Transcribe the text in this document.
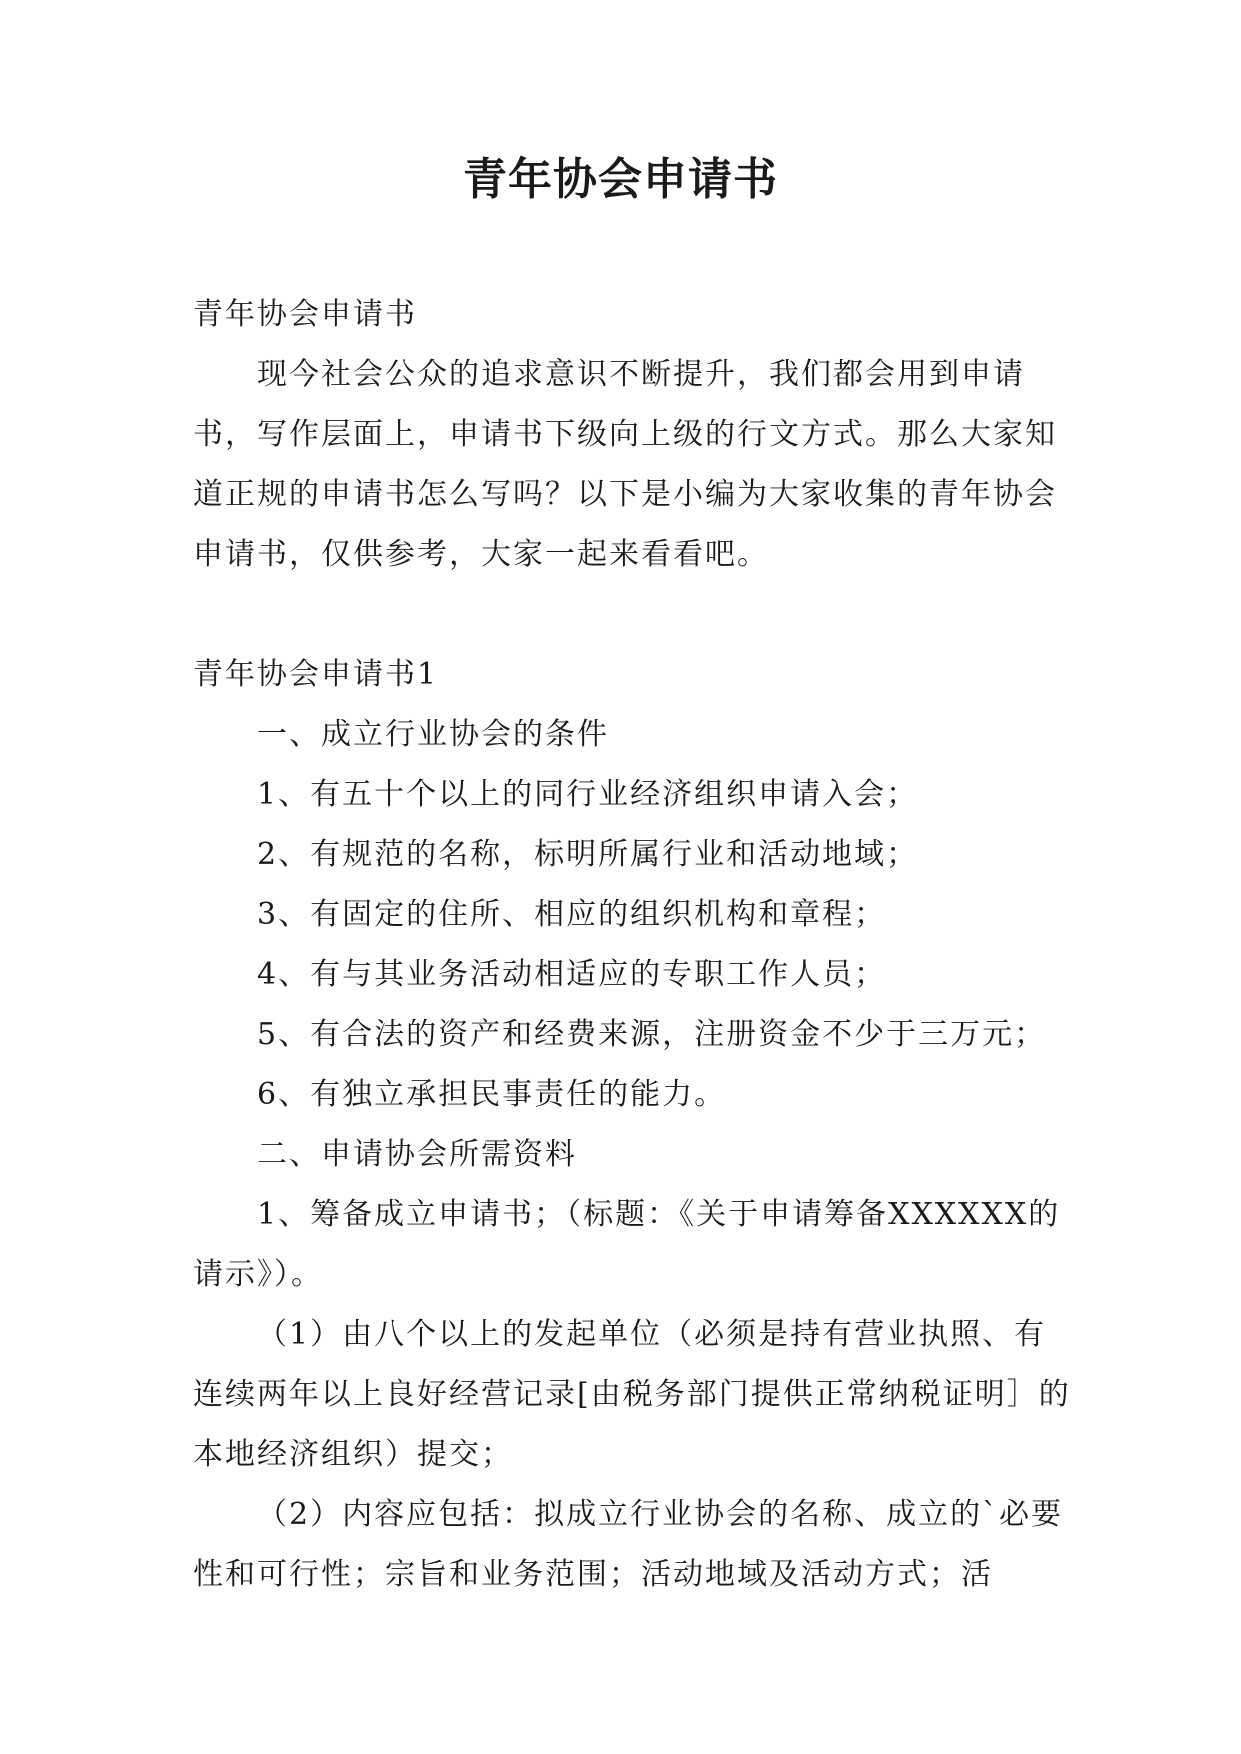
青年协会申请书

青年协会申请书

现今社会公众的追求意识不断提升，我们都会用到申请书，写作层面上，申请书下级向上级的行文方式。那么大家知道正规的申请书怎么写吗？以下是小编为大家收集的青年协会申请书，仅供参考，大家一起来看看吧。

青年协会申请书1

一、成立行业协会的条件

1、有五十个以上的同行业经济组织申请入会；

2、有规范的名称，标明所属行业和活动地域；

3、有固定的住所、相应的组织机构和章程；

4、有与其业务活动相适应的专职工作人员；

5、有合法的资产和经费来源，注册资金不少于三万元；

6、有独立承担民事责任的能力。

二、申请协会所需资料

1、筹备成立申请书；（标题：《关于申请筹备XXXXXX的请示》）。

（1）由八个以上的发起单位（必须是持有营业执照、有连续两年以上良好经营记录[由税务部门提供正常纳税证明］的本地经济组织）提交；

（2）内容应包括：拟成立行业协会的名称、成立的`必要性和可行性；宗旨和业务范围；活动地域及活动方式；活
